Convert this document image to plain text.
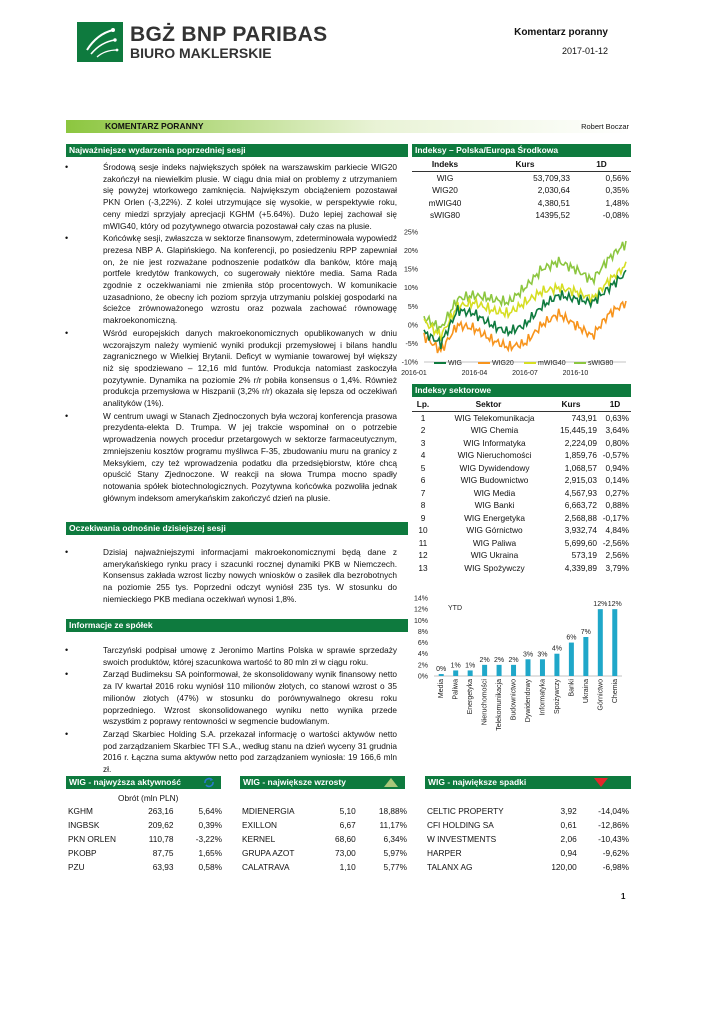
BGŻ BNP PARIBAS
BIURO MAKLERSKIE
Komentarz poranny
2017-01-12
KOMENTARZ PORANNY	Robert Boczar
Najważniejsze wydarzenia poprzedniej sesji
• Środową sesje indeks największych spółek na warszawskim parkiecie WIG20 zakończył na niewielkim plusie. W ciągu dnia miał on problemy z utrzymaniem się powyżej wtorkowego zamknięcia. Największym obciążeniem pozostawał PKN Orlen (-3,22%). Z kolei utrzymujące się wysokie, w perspektywie roku, ceny miedzi sprzyjały aprecjacji KGHM (+5.64%). Dużo lepiej zachował się mWIG40, który od pozytywnego otwarcia pozostawał cały czas na plusie.
• Końcówkę sesji, zwłaszcza w sektorze finansowym, zdeterminowała wypowiedź prezesa NBP A. Glapińskiego. Na konferencji, po posiedzeniu RPP zapewniał on, że nie jest rozważane podnoszenie podatków dla banków, które mają portfele kredytów frankowych, co sugerowały niektóre media. Sama Rada zgodnie z oczekiwaniami nie zmieniła stóp procentowych. W komunikacie uzasadniono, że obecny ich poziom sprzyja utrzymaniu polskiej gospodarki na ścieżce zrównoważonego wzrostu oraz pozwala zachować równowagę makroekonomiczną.
• Wśród europejskich danych makroekonomicznych opublikowanych w dniu wczorajszym należy wymienić wyniki produkcji przemysłowej i bilans handlu zagranicznego w Wielkiej Brytanii. Deficyt w wymianie towarowej był większy niż się spodziewano – 12,16 mld funtów. Produkcja natomiast zaskoczyła pozytywnie. Dynamika na poziomie 2% r/r pobiła konsensus o 1,4%. Również produkcja przemysłowa w Hiszpanii (3,2% r/r) okazała się lepsza od oczekiwań analityków (1%).
• W centrum uwagi w Stanach Zjednoczonych była wczoraj konferencja prasowa prezydenta-elekta D. Trumpa. W jej trakcie wspominał on o potrzebie wprowadzenia nowych procedur przetargowych w sektorze farmaceutycznym, zmniejszeniu kosztów programu myśliwca F-35, zbudowaniu muru na granicy z Meksykiem, czy też wprowadzenia podatku dla przedsiębiorstw, które chcą opuścić Stany Zjednoczone. W reakcji na słowa Trumpa mocno spadły notowania spółek biotechnologicznych. Pozytywna końcówka pozwoliła jednak głównym indeksom amerykańskim zakończyć dzień na plusie.
Oczekiwania odnośnie dzisiejszej sesji
• Dzisiaj najważniejszymi informacjami makroekonomicznymi będą dane z amerykańskiego rynku pracy i szacunki rocznej dynamiki PKB w Niemczech. Konsensus zakłada wzrost liczby nowych wniosków o zasiłek dla bezrobotnych na poziomie 255 tys. Poprzedni odczyt wyniósł 235 tys. W stosunku do niemieckiego PKB mediana oczekiwań wynosi 1,8%.
Informacje ze spółek
• Tarczyński podpisał umowę z Jeronimo Martins Polska w sprawie sprzedaży swoich produktów, której szacunkowa wartość to 80 mln zł w ciągu roku.
• Zarząd Budimeksu SA poinformował, że skonsolidowany wynik finansowy netto za IV kwartał 2016 roku wyniósł 110 milionów złotych, co stanowi wzrost o 35 milionów złotych (47%) w stosunku do porównywalnego okresu roku poprzedniego. Wzrost skonsolidowanego wyniku netto wynika przede wszystkim z poprawy rentowności w segmencie budowlanym.
• Zarząd Skarbiec Holding S.A. przekazał informację o wartości aktywów netto pod zarządzaniem Skarbiec TFI S.A., według stanu na dzień wyceny 31 grudnia 2016 r. Łączna suma aktywów netto pod zarządzaniem wyniosła: 19 166,6 mln zł.
Indeksy – Polska/Europa Środkowa
Indeks	Kurs	1D
WIG	53,709,33	0,56%
WIG20	2,030,64	0,35%
mWIG40	4,380,51	1,48%
sWIG80	14395,52	-0,08%
25%
20%
15%
10%
5%
0%
-5%
-10%	WIG	WIG20	mWIG40	sWIG80
2016-01	2016-04	2016-07	2016-10
Indeksy sektorowe
Lp.	Sektor	Kurs	1D
1	WIG Telekomunikacja	743,91	0,63%
2	WIG Chemia	15,445,19	3,64%
3	WIG Informatyka	2,224,09	0,80%
4	WIG Nieruchomości	1,859,76	-0,57%
5	WIG Dywidendowy	1,068,57	0,94%
6	WIG Budownictwo	2,915,03	0,14%
7	WIG Media	4,567,93	0,27%
8	WIG Banki	6,663,72	0,88%
9	WIG Energetyka	2,568,88	-0,17%
10	WIG Górnictwo	3,932,74	4,84%
11	WIG Paliwa	5,699,60	-2,56%
12	WIG Ukraina	573,19	2,56%
13	WIG Spożywczy	4,339,89	3,79%
14%
12%
10%
8%
6%
4%
2%
0%
YTD
0%
Media
1%
Paliwa
1%
Energetyka
2%
Nieruchomości
2%
Telekomunikacja
2%
Budownictwo
3%
Dywidendowy
3%
Informatyka
4%
Spożywczy
6%
Banki
7%
Ukraina
12%
Górnictwo
12%
Chemia
WIG - najwyższa aktywność	WIG - największe wzrosty	WIG - największe spadki
Obrót (mln PLN)
KGHM	263,16	5,64%
INGBSK	209,62	0,39%
PKN ORLEN	110,78	-3,22%
PKOBP	87,75	1,65%
PZU	63,93	0,58%
MDIENERGIA	5,10	18,88%
EXILLON	6,67	11,17%
KERNEL	68,60	6,34%
GRUPA AZOT	73,00	5,97%
CALATRAVA	1,10	5,77%
CELTIC PROPERTY	3,92	-14,04%
CFI HOLDING SA	0,61	-12,86%
W INVESTMENTS	2,06	-10,43%
HARPER	0,94	-9,62%
TALANX AG	120,00	-6,98%
1
